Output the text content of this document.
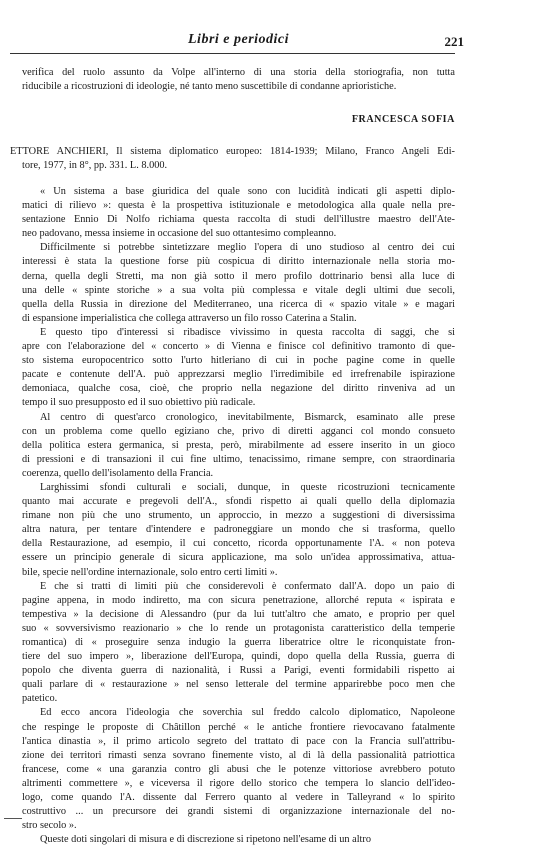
Libri e periodici	221
verifica del ruolo assunto da Volpe all'interno di una storia della storiografia, non tutta
riducibile a ricostruzioni di ideologie, né tanto meno suscettibile di condanne aprioristiche.
FRANCESCA SOFIA
ETTORE ANCHIERI, Il sistema diplomatico europeo: 1814-1939; Milano, Franco Angeli Edi-
tore, 1977, in 8°, pp. 331. L. 8.000.
« Un sistema a base giuridica del quale sono con lucidità indicati gli aspetti diplo-
matici di rilievo »: questa è la prospettiva istituzionale e metodologica alla quale nella pre-
sentazione Ennio Di Nolfo richiama questa raccolta di studi dell'illustre maestro dell'Ate-
neo padovano, messa insieme in occasione del suo ottantesimo compleanno.
Difficilmente si potrebbe sintetizzare meglio l'opera di uno studioso al centro dei cui
interessi è stata la questione forse più cospicua di diritto internazionale nella storia mo-
derna, quella degli Stretti, ma non già sotto il mero profilo dottrinario bensì alla luce di
una delle « spinte storiche » a sua volta più complessa e vitale degli ultimi due secoli,
quella della Russia in direzione del Mediterraneo, una ricerca di « spazio vitale » e magari
di espansione imperialistica che collega attraverso un filo rosso Caterina a Stalin.
E questo tipo d'interessi si ribadisce vivissimo in questa raccolta di saggi, che si
apre con l'elaborazione del « concerto » di Vienna e finisce col definitivo tramonto di que-
sto sistema europocentrico sotto l'urto hitleriano di cui in poche pagine come in quelle
pacate e contenute dell'A. può apprezzarsi meglio l'irredimibile ed irrefrenabile ispirazione
demoniaca, qualche cosa, cioè, che proprio nella negazione del diritto rinveniva ad un
tempo il suo presupposto ed il suo obiettivo più radicale.
Al centro di quest'arco cronologico, inevitabilmente, Bismarck, esaminato alle prese
con un problema come quello egiziano che, privo di diretti agganci col mondo consueto
della politica estera germanica, si presta, però, mirabilmente ad essere inserito in un gioco
di pressioni e di transazioni il cui fine ultimo, tenacissimo, rimane sempre, con straordinaria
coerenza, quello dell'isolamento della Francia.
Larghissimi sfondi culturali e sociali, dunque, in queste ricostruzioni tecnicamente
quanto mai accurate e pregevoli dell'A., sfondi rispetto ai quali quello della diplomazia
rimane non più che uno strumento, un approccio, in mezzo a suggestioni di diversissima
altra natura, per tentare d'intendere e padroneggiare un mondo che si trasforma, quello
della Restaurazione, ad esempio, il cui concetto, ricorda opportunamente l'A. « non poteva
essere un principio generale di sicura applicazione, ma solo un'idea approssimativa, attua-
bile, specie nell'ordine internazionale, solo entro certi limiti ».
E che si tratti di limiti più che considerevoli è confermato dall'A. dopo un paio di
pagine appena, in modo indiretto, ma con sicura penetrazione, allorché reputa « ispirata e
tempestiva » la decisione di Alessandro (pur da lui tutt'altro che amato, e proprio per quel
suo « sovversivismo reazionario » che lo rende un protagonista caratteristico della temperie
romantica) di « proseguire senza indugio la guerra liberatrice oltre le riconquistate fron-
tiere del suo impero », liberazione dell'Europa, quindi, dopo quella della Russia, guerra di
popolo che diventa guerra di nazionalità, i Russi a Parigi, eventi formidabili rispetto ai
quali parlare di « restaurazione » nel senso letterale del termine apparirebbe poco men che
patetico.
Ed ecco ancora l'ideologia che soverchia sul freddo calcolo diplomatico, Napoleone
che respinge le proposte di Châtillon perché « le antiche frontiere rievocavano fatalmente
l'antica dinastia », il primo articolo segreto del trattato di pace con la Francia sull'attribu-
zione dei territori rimasti senza sovrano finemente visto, al di là della passionalità patriottica
francese, come « una garanzia contro gli abusi che le potenze vittoriose avrebbero potuto
altrimenti commettere », e viceversa il rigore dello storico che tempera lo slancio dell'ideo-
logo, come quando l'A. dissente dal Ferrero quanto al vedere in Talleyrand « lo spirito
costruttivo ... un precursore dei grandi sistemi di organizzazione internazionale del no-
stro secolo ».
Queste doti singolari di misura e di discrezione si ripetono nell'esame di un altro
